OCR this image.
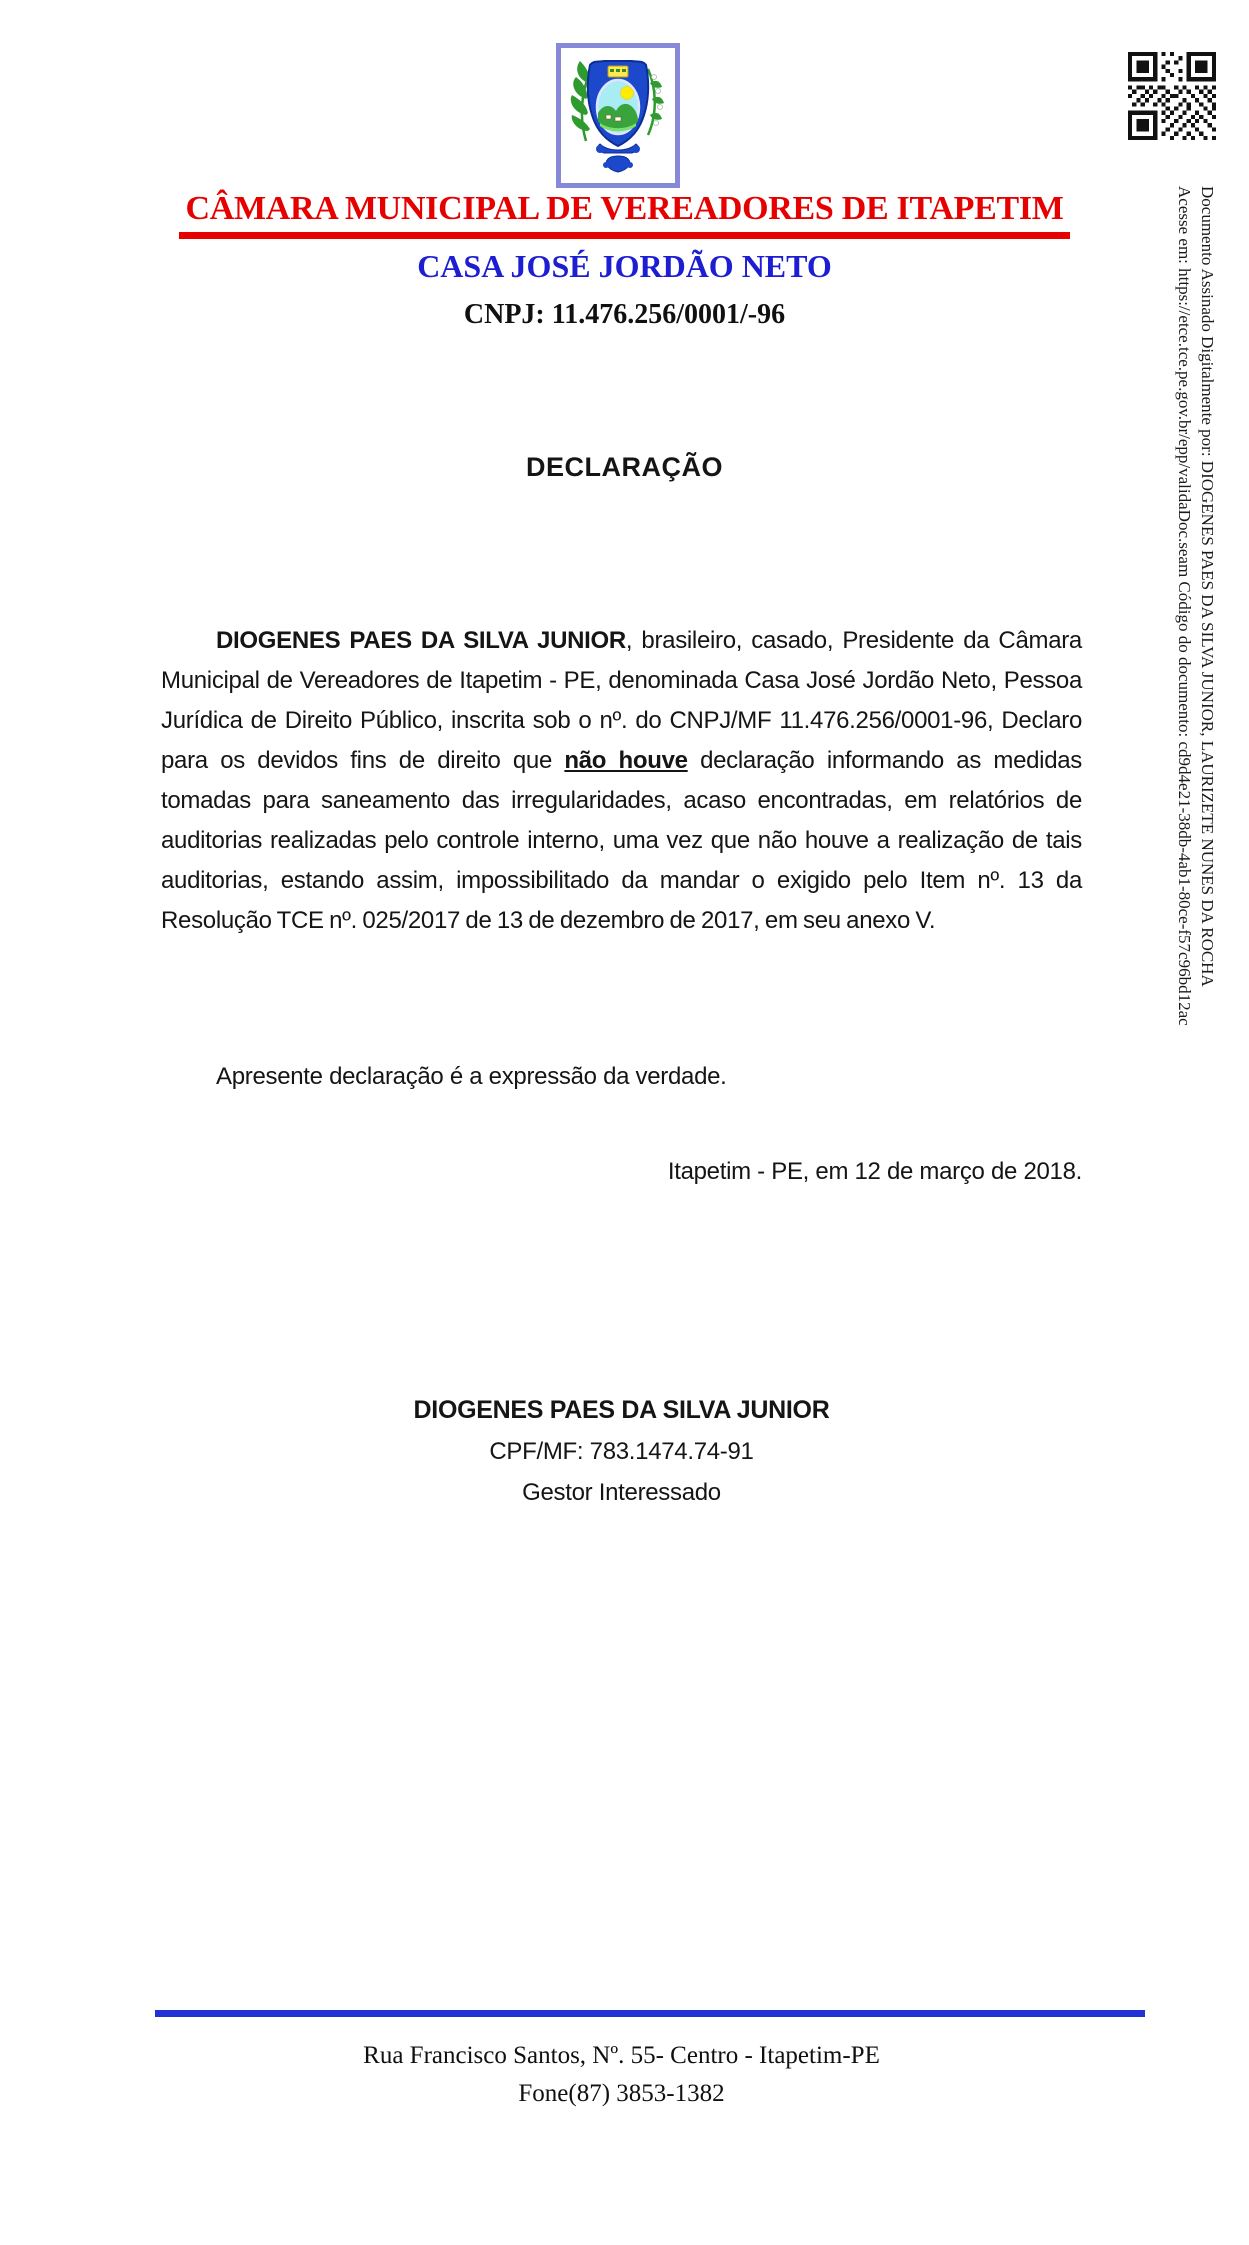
CÂMARA MUNICIPAL DE VEREADORES DE ITAPETIM
CASA JOSÉ JORDÃO NETO
CNPJ: 11.476.256/0001/-96
DECLARAÇÃO

DIOGENES PAES DA SILVA JUNIOR, brasileiro, casado, Presidente da Câmara Municipal de Vereadores de Itapetim - PE, denominada Casa José Jordão Neto, Pessoa Jurídica de Direito Público, inscrita sob o nº. do CNPJ/MF 11.476.256/0001-96, Declaro para os devidos fins de direito que não houve declaração informando as medidas tomadas para saneamento das irregularidades, acaso encontradas, em relatórios de auditorias realizadas pelo controle interno, uma vez que não houve a realização de tais auditorias, estando assim, impossibilitado da mandar o exigido pelo Item nº. 13 da Resolução TCE nº. 025/2017 de 13 de dezembro de 2017, em seu anexo V.

Apresente declaração é a expressão da verdade.

Itapetim - PE, em 12 de março de 2018.
DIOGENES PAES DA SILVA JUNIOR
CPF/MF: 783.1474.74-91
Gestor Interessado
Rua Francisco Santos, Nº. 55- Centro - Itapetim-PE
Fone(87) 3853-1382
Documento Assinado Digitalmente por: DIOGENES PAES DA SILVA JUNIOR, LAURIZETE NUNES DA ROCHA
Acesse em: https://etce.tce.pe.gov.br/epp/validaDoc.seam Código do documento: cd9d4e21-38db-4ab1-80ce-f57c96bd12ac
